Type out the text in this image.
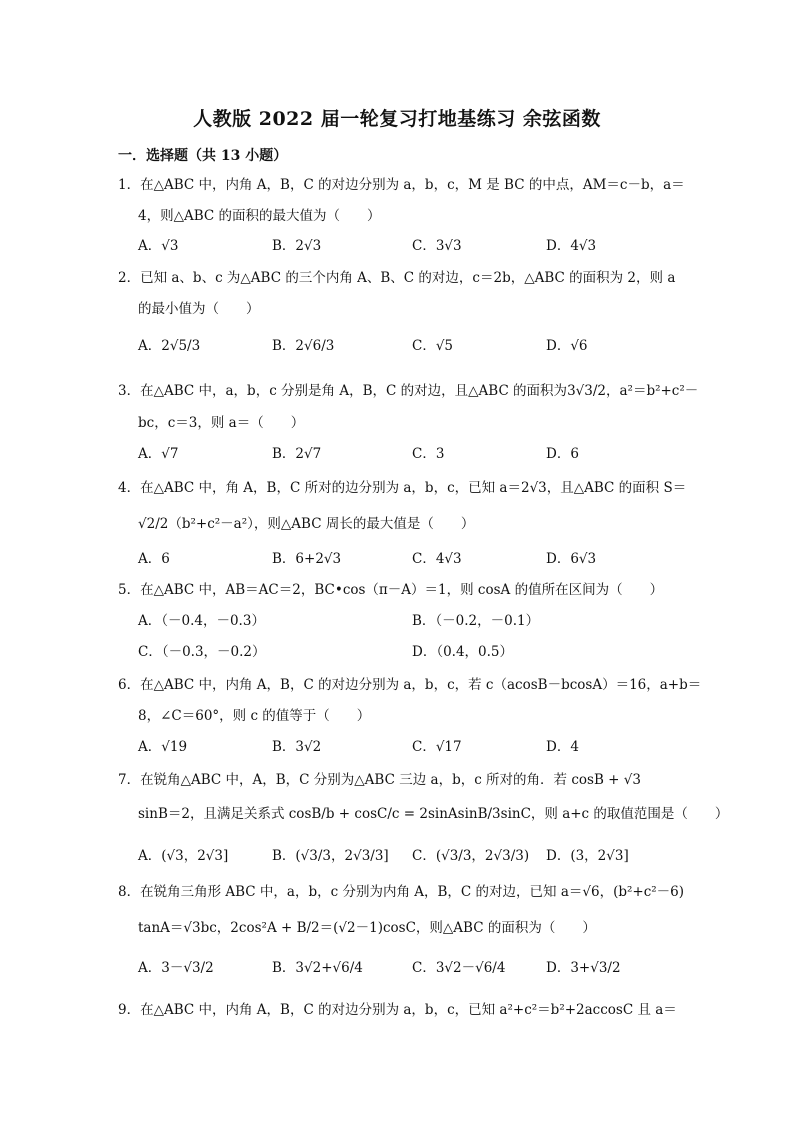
人教版 2022 届一轮复习打地基练习 余弦函数
一．选择题（共 13 小题）
1．在△ABC 中，内角 A，B，C 的对边分别为 a，b，c，M 是 BC 的中点，AM＝c－b，a＝
4，则△ABC 的面积的最大值为（　　）
A．√3	B．2√3	C．3√3	D．4√3
2．已知 a、b、c 为△ABC 的三个内角 A、B、C 的对边，c＝2b，△ABC 的面积为 2，则 a
的最小值为（　　）
A．2√5/3	B．2√6/3	C．√5	D．√6
3．在△ABC 中，a，b，c 分别是角 A，B，C 的对边，且△ABC 的面积为3√3/2，a²＝b²+c²－
bc，c＝3，则 a＝（　　）
A．√7	B．2√7	C．3	D．6
4．在△ABC 中，角 A，B，C 所对的边分别为 a，b，c，已知 a＝2√3，且△ABC 的面积 S＝
√2/2（b²+c²－a²），则△ABC 周长的最大值是（　　）
A．6	B．6+2√3	C．4√3	D．6√3
5．在△ABC 中，AB＝AC＝2，BC•cos（π－A）＝1，则 cosA 的值所在区间为（　　）
A．（－0.4，－0.3）	B．（－0.2，－0.1）
C．（－0.3，－0.2）	D．（0.4，0.5）
6．在△ABC 中，内角 A，B，C 的对边分别为 a，b，c，若 c（acosB－bcosA）＝16，a+b＝
8，∠C＝60°，则 c 的值等于（　　）
A．√19	B．3√2	C．√17	D．4
7．在锐角△ABC 中，A，B，C 分别为△ABC 三边 a，b，c 所对的角．若 cosB + √3
sinB＝2，且满足关系式 cosB/b + cosC/c = 2sinAsinB/3sinC，则 a+c 的取值范围是（　　）
A．(√3，2√3]	B．(√3/3，2√3/3] C．(√3/3，2√3/3) D．(3，2√3]
8．在锐角三角形 ABC 中，a，b，c 分别为内角 A，B，C 的对边，已知 a＝√6，(b²+c²－6)
tanA＝√3bc，2cos²A + B/2＝(√2－1)cosC，则△ABC 的面积为（　　）
A．3－√3/2	B．3√2+√6/4	C．3√2－√6/4	D．3+√3/2
9．在△ABC 中，内角 A，B，C 的对边分别为 a，b，c，已知 a²+c²＝b²+2accosC 且 a＝
